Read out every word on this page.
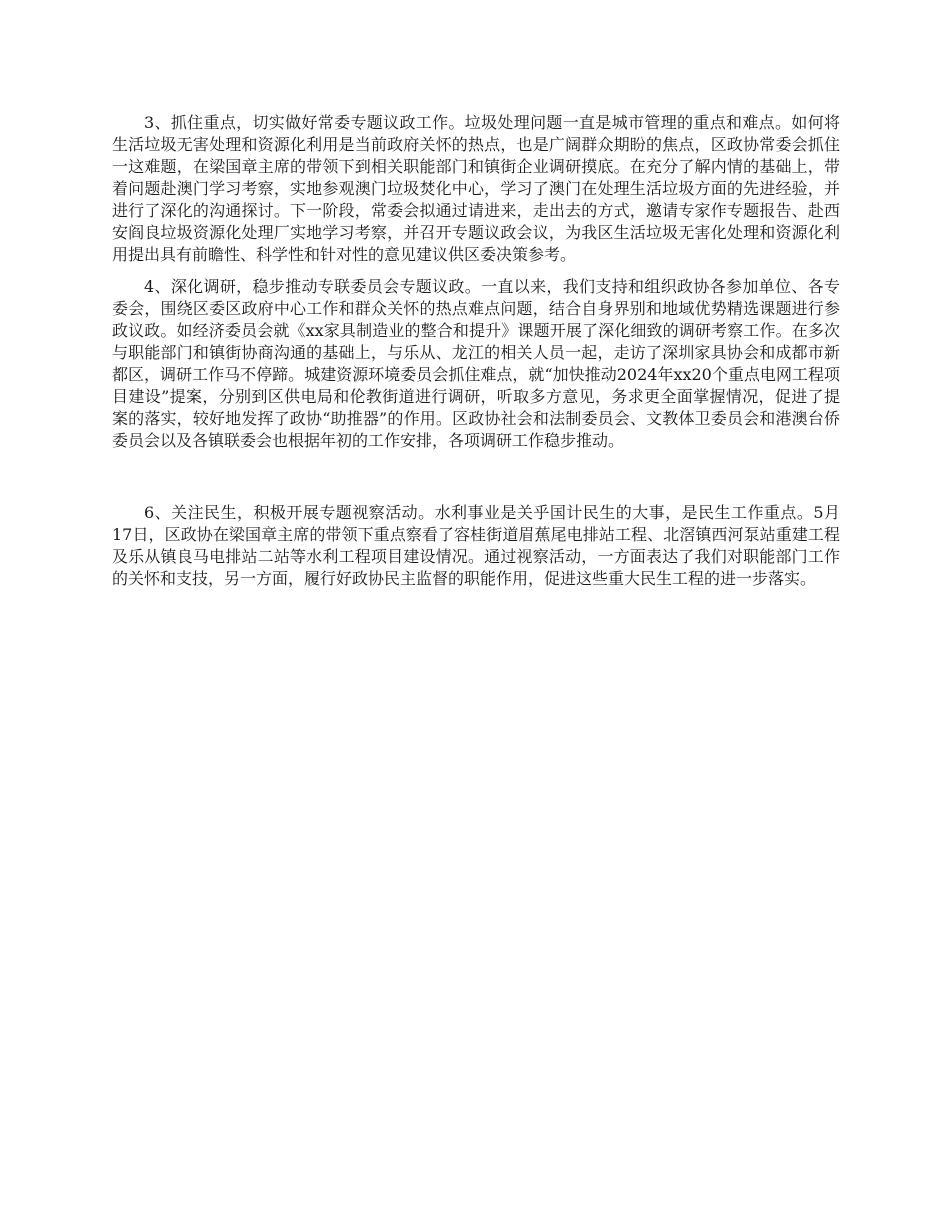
3、抓住重点，切实做好常委专题议政工作。垃圾处理问题一直是城市管理的重点和难点。如何将生活垃圾无害处理和资源化利用是当前政府关怀的热点，也是广阔群众期盼的焦点，区政协常委会抓住一这难题，在梁国章主席的带领下到相关职能部门和镇街企业调研摸底。在充分了解内情的基础上，带着问题赴澳门学习考察，实地参观澳门垃圾焚化中心，学习了澳门在处理生活垃圾方面的先进经验，并进行了深化的沟通探讨。下一阶段，常委会拟通过请进来，走出去的方式，邀请专家作专题报告、赴西安阎良垃圾资源化处理厂实地学习考察，并召开专题议政会议，为我区生活垃圾无害化处理和资源化利用提出具有前瞻性、科学性和针对性的意见建议供区委决策参考。

4、深化调研，稳步推动专联委员会专题议政。一直以来，我们支持和组织政协各参加单位、各专委会，围绕区委区政府中心工作和群众关怀的热点难点问题，结合自身界别和地域优势精选课题进行参政议政。如经济委员会就《xx家具制造业的整合和提升》课题开展了深化细致的调研考察工作。在多次与职能部门和镇街协商沟通的基础上，与乐从、龙江的相关人员一起，走访了深圳家具协会和成都市新都区，调研工作马不停蹄。城建资源环境委员会抓住难点，就“加快推动2024年xx20个重点电网工程项目建设”提案，分别到区供电局和伦教街道进行调研，听取多方意见，务求更全面掌握情况，促进了提案的落实，较好地发挥了政协“助推器”的作用。区政协社会和法制委员会、文教体卫委员会和港澳台侨委员会以及各镇联委会也根据年初的工作安排，各项调研工作稳步推动。

6、关注民生，积极开展专题视察活动。水利事业是关乎国计民生的大事，是民生工作重点。5月17日，区政协在梁国章主席的带领下重点察看了容桂街道眉蕉尾电排站工程、北滘镇西河泵站重建工程及乐从镇良马电排站二站等水利工程项目建设情况。通过视察活动，一方面表达了我们对职能部门工作的关怀和支技，另一方面，履行好政协民主监督的职能作用，促进这些重大民生工程的进一步落实。
